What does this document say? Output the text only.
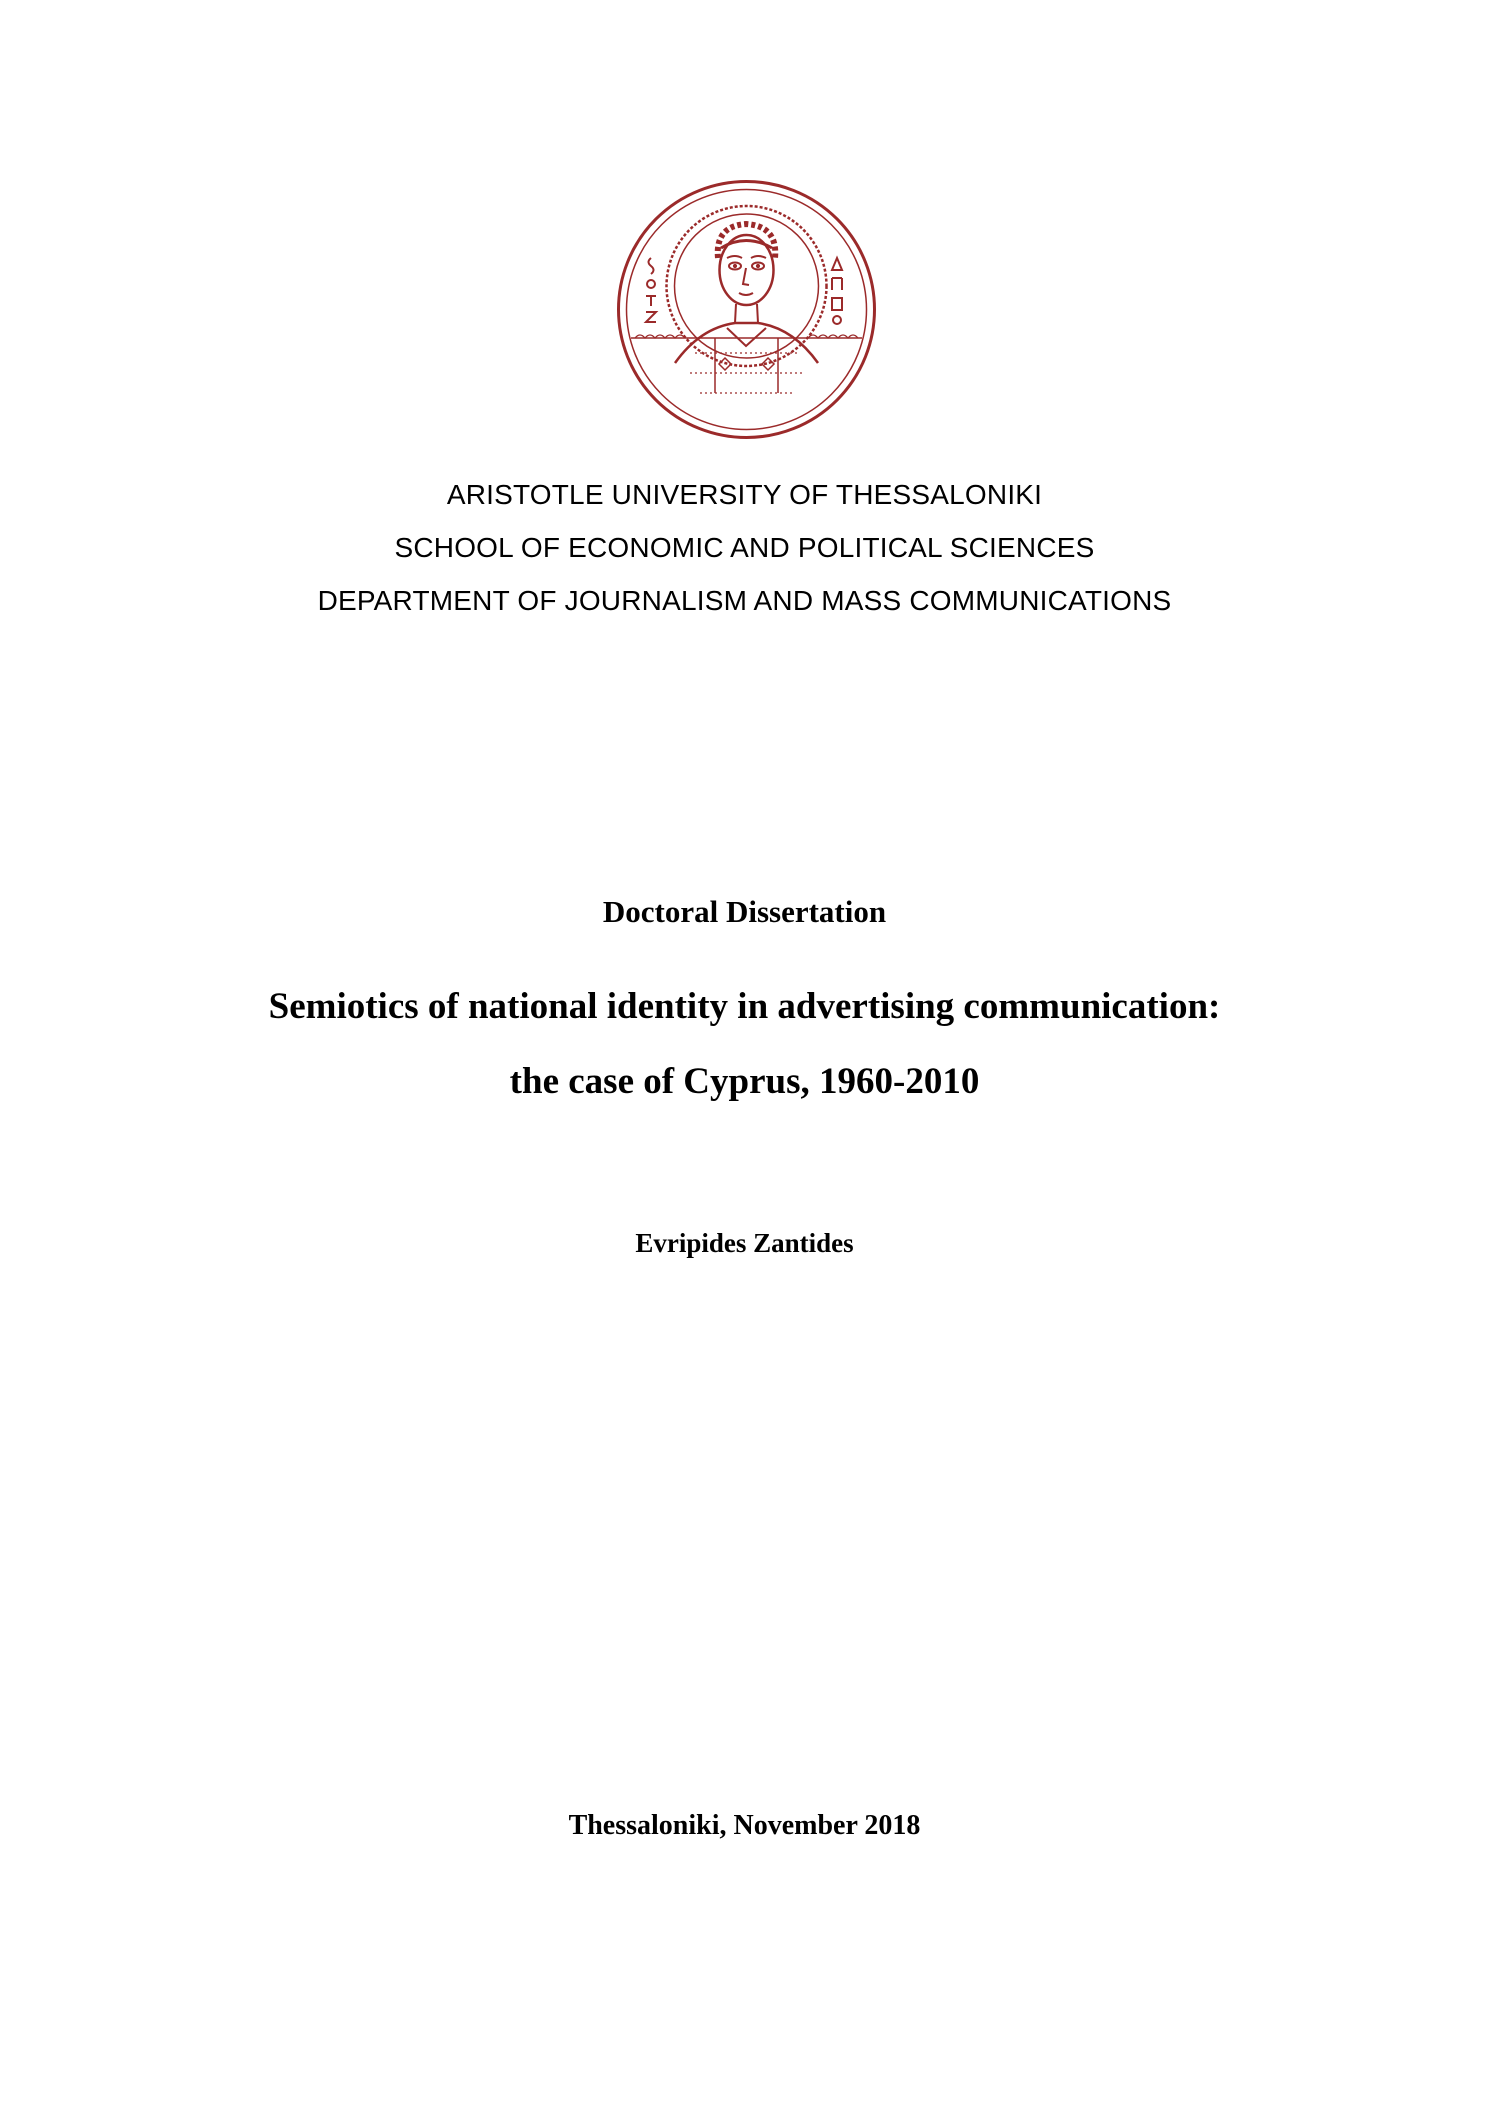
ARISTOTLE UNIVERSITY OF THESSALONIKI
SCHOOL OF ECONOMIC AND POLITICAL SCIENCES
DEPARTMENT OF JOURNALISM AND MASS COMMUNICATIONS
Doctoral Dissertation
Semiotics of national identity in advertising communication:
the case of Cyprus, 1960-2010
Evripides Zantides
Thessaloniki, November 2018
